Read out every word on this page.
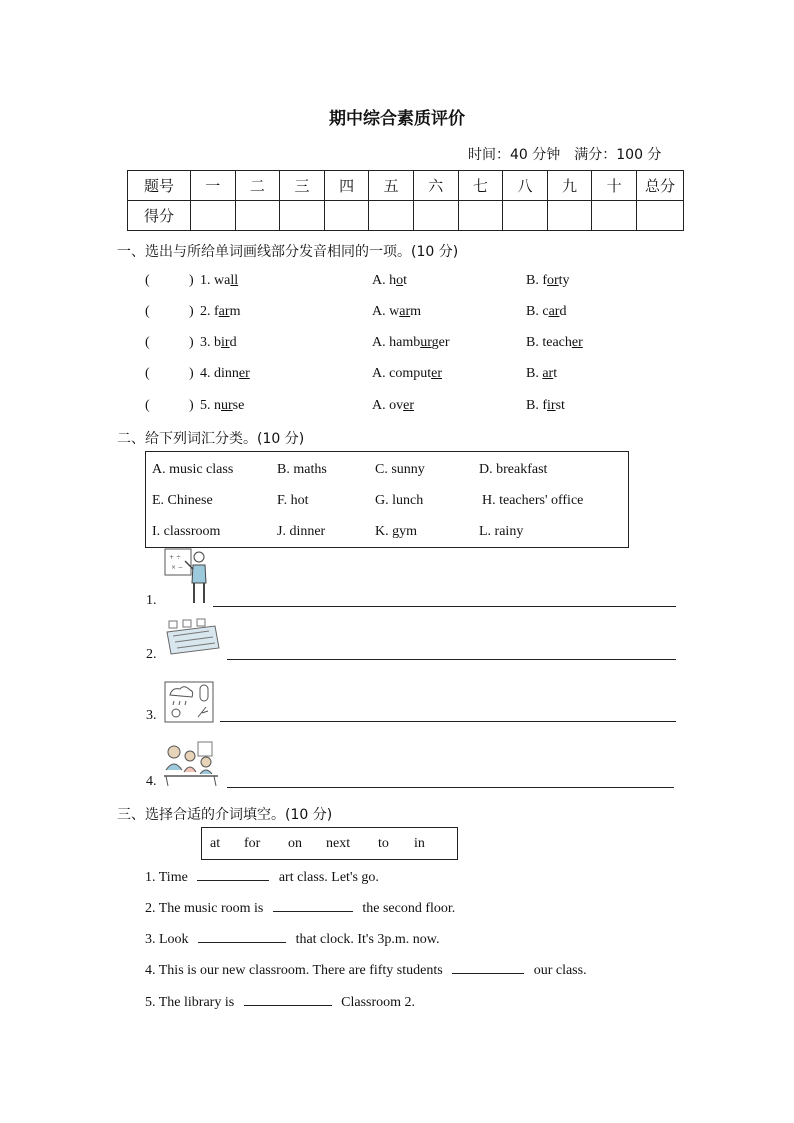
期中综合素质评价
时间：40 分钟　满分：100 分
题号	一	二	三	四	五	六	七	八	九	十	总分
得分											
一、选出与所给单词画线部分发音相同的一项。(10 分)
(	) 1. wall	A. hot	B. forty
(	) 2. farm	A. warm	B. card
(	) 3. bird	A. hamburger	B. teacher
(	) 4. dinner	A. computer	B. art
(	) 5. nurse	A. over	B. first
二、给下列词汇分类。(10 分)
A. music class	B. maths	C. sunny	D. breakfast
E. Chinese	F. hot	G. lunch	H. teachers' office
I. classroom	J. dinner	K. gym	L. rainy
+ ÷
× −
1.
2.
3.
4.
三、选择合适的介词填空。(10 分)
at for on next to in
1. Time	art class. Let's go.
2. The music room is	the second floor.
3. Look	that clock. It's 3p.m. now.
4. This is our new classroom. There are fifty students	our class.
5. The library is	Classroom 2.
